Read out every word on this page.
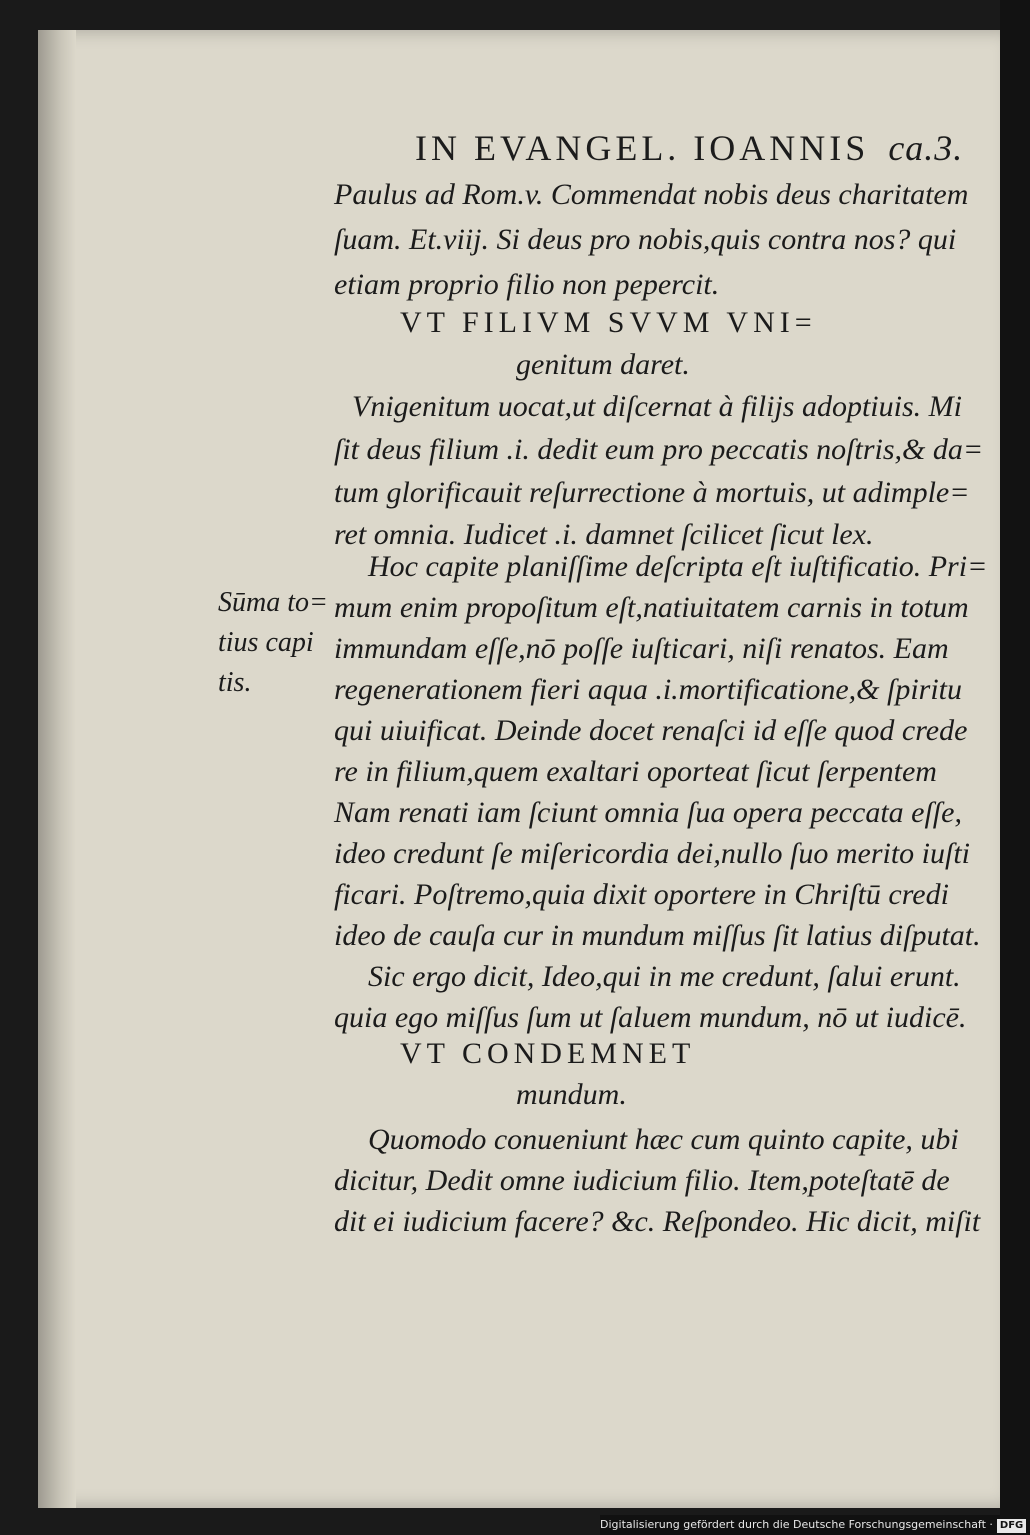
IN EVANGEL. IOANNIS ca.3.
Paulus ad Rom.v. Commendat nobis deus charitatem
ſuam. Et.viij. Si deus pro nobis,quis contra nos? qui
etiam proprio filio non pepercit.
VT FILIVM SVVM VNI=
genitum daret.
Vnigenitum uocat,ut diſcernat à filijs adoptiuis. Mi
ſit deus filium .i. dedit eum pro peccatis noſtris,& da=
tum glorificauit reſurrectione à mortuis, ut adimple=
ret omnia. Iudicet .i. damnet ſcilicet ſicut lex.
Hoc capite planiſſime deſcripta eſt iuſtificatio. Pri=
mum enim propoſitum eſt,natiuitatem carnis in totum
immundam eſſe,nō poſſe iuſticari, niſi renatos. Eam
regenerationem fieri aqua .i.mortificatione,& ſpiritu
qui uiuificat. Deinde docet renaſci id eſſe quod crede
re in filium,quem exaltari oporteat ſicut ſerpentem
Nam renati iam ſciunt omnia ſua opera peccata eſſe,
ideo credunt ſe miſericordia dei,nullo ſuo merito iuſti
ficari. Poſtremo,quia dixit oportere in Chriſtū credi
ideo de cauſa cur in mundum miſſus ſit latius diſputat.
Sic ergo dicit, Ideo,qui in me credunt, ſalui erunt.
quia ego miſſus ſum ut ſaluem mundum, nō ut iudicē.
VT CONDEMNET
mundum.
Quomodo conueniunt hæc cum quinto capite, ubi
dicitur, Dedit omne iudicium filio. Item,poteſtatē de
dit ei iudicium facere? &c. Reſpondeo. Hic dicit, miſit
Sūma to=
tius capi
tis.
Digitalisierung gefördert durch die Deutsche Forschungsgemeinschaft · DFG
